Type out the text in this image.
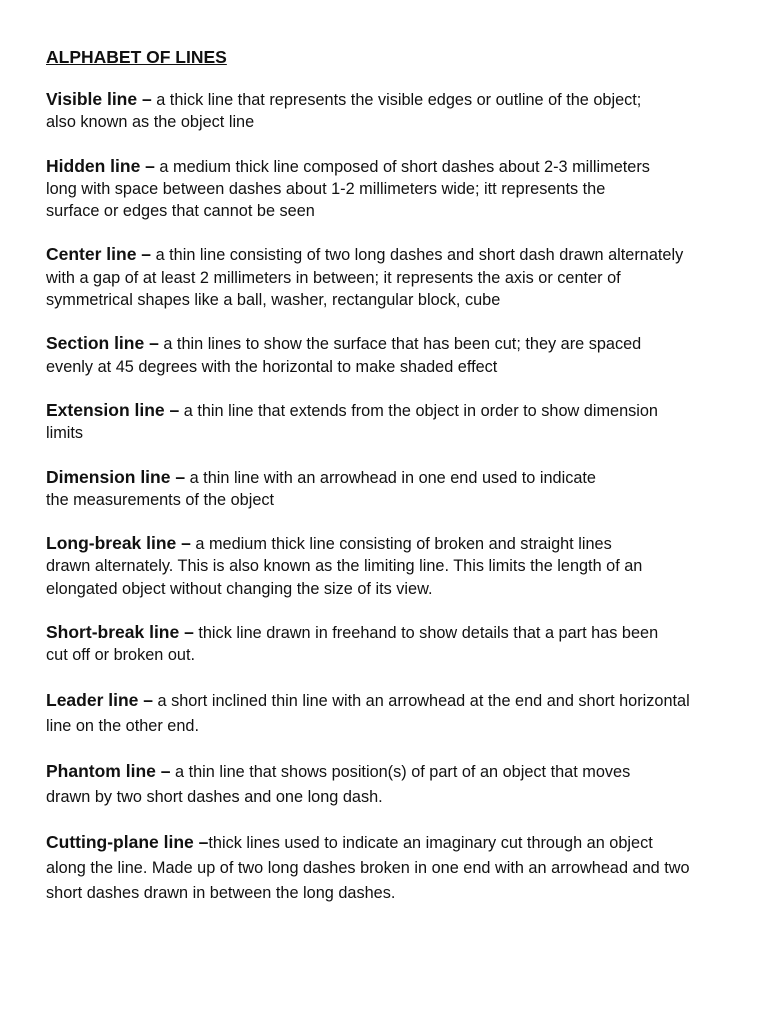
ALPHABET OF LINES

Visible line – a thick line that represents the visible edges or outline of the object; also known as the object line

Hidden line – a medium thick line composed of short dashes about 2-3 millimeters long with space between dashes about 1-2 millimeters wide; itt represents the surface or edges that cannot be seen

Center line – a thin line consisting of two long dashes and short dash drawn alternately with a gap of at least 2 millimeters in between; it represents the axis or center of symmetrical shapes like a ball, washer, rectangular block, cube

Section line – a thin lines to show the surface that has been cut; they are spaced evenly at 45 degrees with the horizontal to make shaded effect

Extension line – a thin line that extends from the object in order to show dimension limits

Dimension line – a thin line with an arrowhead in one end used to indicate the measurements of the object

Long-break line – a medium thick line consisting of broken and straight lines drawn alternately. This is also known as the limiting line. This limits the length of an elongated object without changing the size of its view.

Short-break line – thick line drawn in freehand to show details that a part has been cut off or broken out.

Leader line – a short inclined thin line with an arrowhead at the end and short horizontal line on the other end.

Phantom line – a thin line that shows position(s) of part of an object that moves drawn by two short dashes and one long dash.

Cutting-plane line –thick lines used to indicate an imaginary cut through an object along the line. Made up of two long dashes broken in one end with an arrowhead and two short dashes drawn in between the long dashes.
